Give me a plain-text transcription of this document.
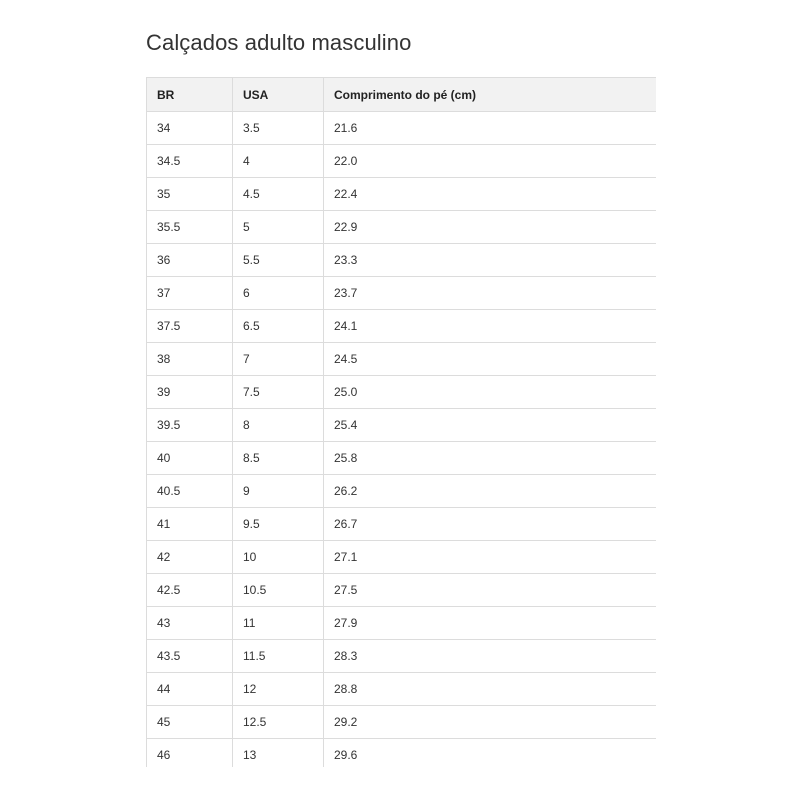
Calçados adulto masculino
BR	USA	Comprimento do pé (cm)
34	3.5	21.6
34.5	4	22.0
35	4.5	22.4
35.5	5	22.9
36	5.5	23.3
37	6	23.7
37.5	6.5	24.1
38	7	24.5
39	7.5	25.0
39.5	8	25.4
40	8.5	25.8
40.5	9	26.2
41	9.5	26.7
42	10	27.1
42.5	10.5	27.5
43	11	27.9
43.5	11.5	28.3
44	12	28.8
45	12.5	29.2
46	13	29.6
